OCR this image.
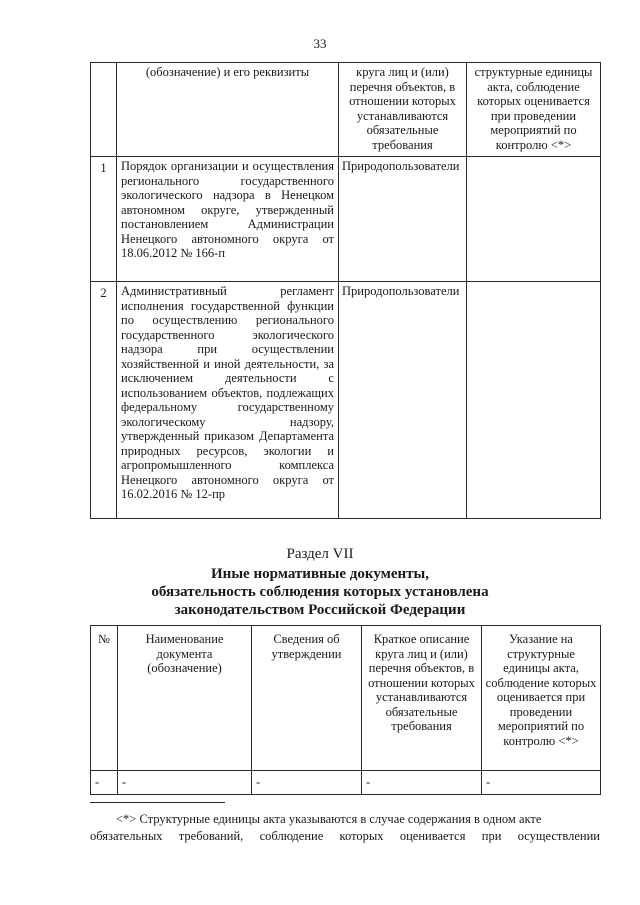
33
	(обозначение) и его реквизиты	круга лиц и (или) перечня объектов, в отношении которых устанавливаются обязательные требования	структурные единицы акта, соблюдение которых оценивается при проведении мероприятий по контролю <*>
1	Порядок организации и осуществления регионального государственного экологического надзора в Ненецком автономном округе, утвержденный постановлением Администрации Ненецкого автономного округа от 18.06.2012 № 166-п	Природопользователи	
2	Административный регламент исполнения государственной функции по осуществлению регионального государственного экологического надзора при осуществлении хозяйственной и иной деятельности, за исключением деятельности с использованием объектов, подлежащих федеральному государственному экологическому надзору, утвержденный приказом Департамента природных ресурсов, экологии и агропромышленного комплекса Ненецкого автономного округа от 16.02.2016 № 12-пр	Природопользователи	
Раздел VII
Иные нормативные документы,
обязательность соблюдения которых установлена
законодательством Российской Федерации
№	Наименование документа (обозначение)	Сведения об утверждении	Краткое описание круга лиц и (или) перечня объектов, в отношении которых устанавливаются обязательные требования	Указание на структурные единицы акта, соблюдение которых оценивается при проведении мероприятий по контролю <*>
-	-	-	-	-
<*> Структурные единицы акта указываются в случае содержания в одном акте
обязательных требований, соблюдение которых оценивается при осуществлении
